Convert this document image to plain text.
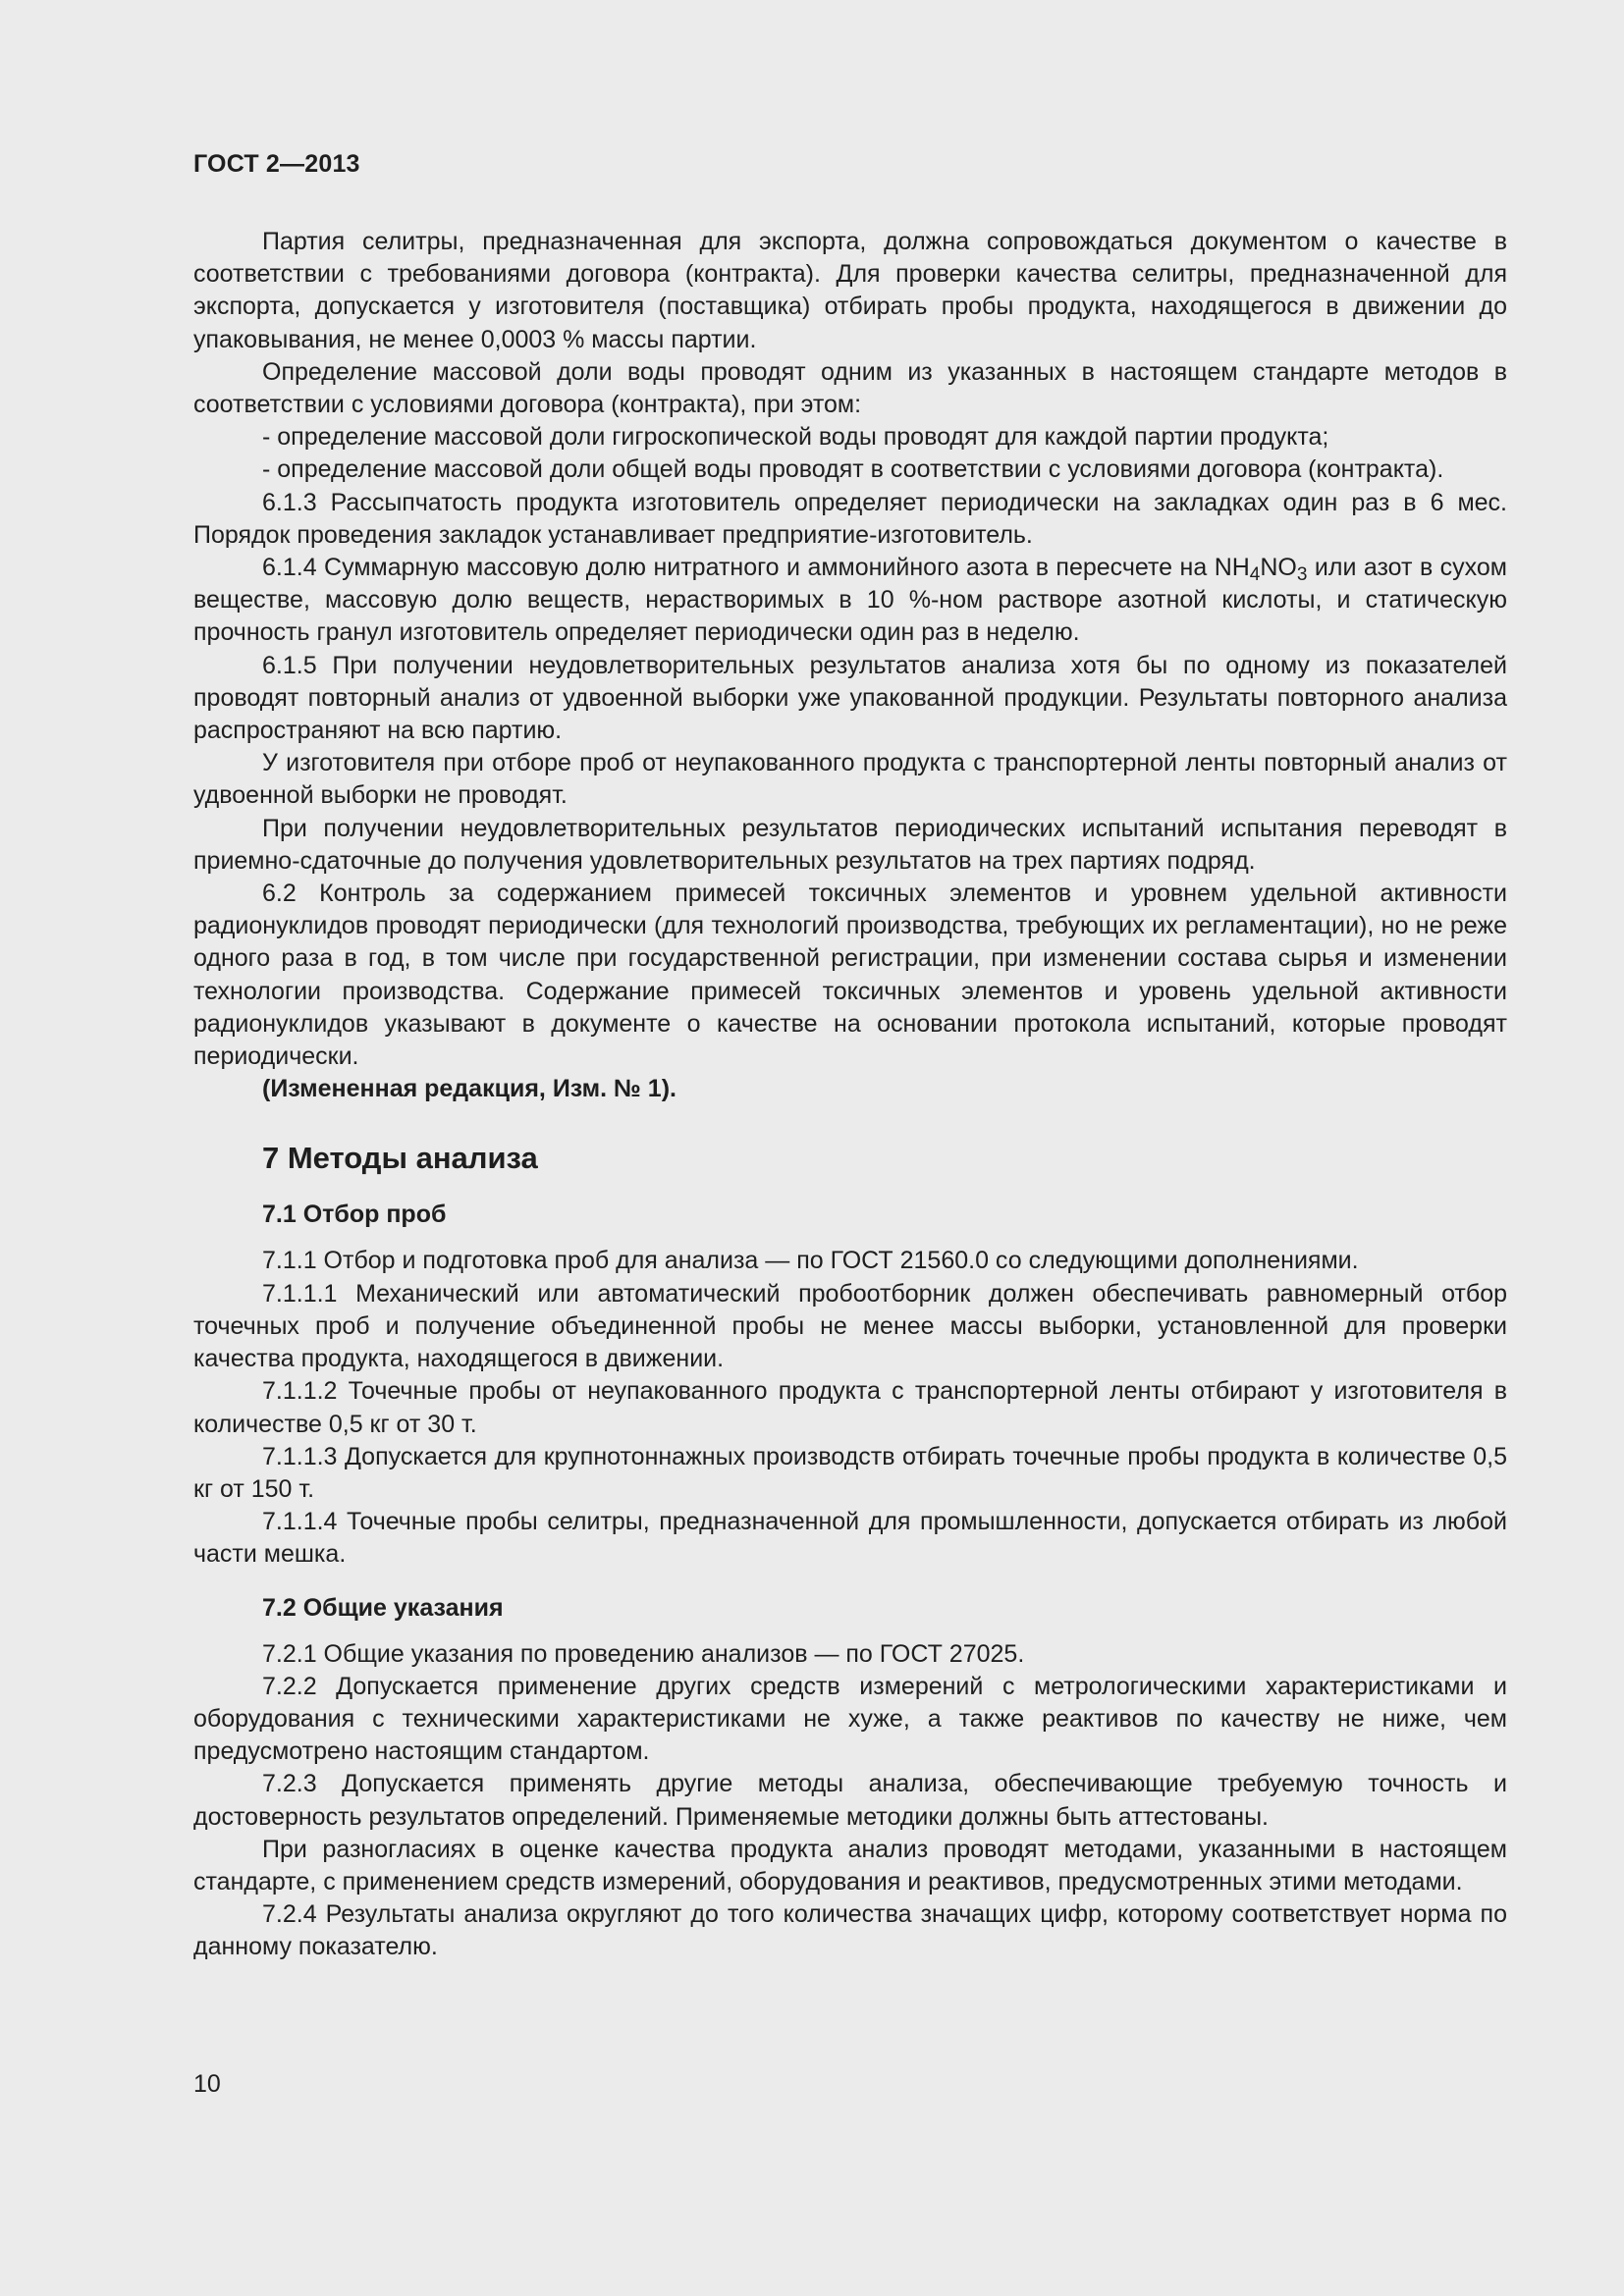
ГОСТ 2—2013

Партия селитры, предназначенная для экспорта, должна сопровождаться документом о качестве в соответствии с требованиями договора (контракта). Для проверки качества селитры, предназначенной для экспорта, допускается у изготовителя (поставщика) отбирать пробы продукта, находящегося в движении до упаковывания, не менее 0,0003 % массы партии.

Определение массовой доли воды проводят одним из указанных в настоящем стандарте методов в соответствии с условиями договора (контракта), при этом:

- определение массовой доли гигроскопической воды проводят для каждой партии продукта;

- определение массовой доли общей воды проводят в соответствии с условиями договора (контракта).

6.1.3 Рассыпчатость продукта изготовитель определяет периодически на закладках один раз в 6 мес. Порядок проведения закладок устанавливает предприятие-изготовитель.

6.1.4 Суммарную массовую долю нитратного и аммонийного азота в пересчете на $NH_4NO_3$ или азот в сухом веществе, массовую долю веществ, нерастворимых в 10 %-ном растворе азотной кислоты, и статическую прочность гранул изготовитель определяет периодически один раз в неделю.

6.1.5 При получении неудовлетворительных результатов анализа хотя бы по одному из показателей проводят повторный анализ от удвоенной выборки уже упакованной продукции. Результаты повторного анализа распространяют на всю партию.

У изготовителя при отборе проб от неупакованного продукта с транспортерной ленты повторный анализ от удвоенной выборки не проводят.

При получении неудовлетворительных результатов периодических испытаний испытания переводят в приемно-сдаточные до получения удовлетворительных результатов на трех партиях подряд.

6.2 Контроль за содержанием примесей токсичных элементов и уровнем удельной активности радионуклидов проводят периодически (для технологий производства, требующих их регламентации), но не реже одного раза в год, в том числе при государственной регистрации, при изменении состава сырья и изменении технологии производства. Содержание примесей токсичных элементов и уровень удельной активности радионуклидов указывают в документе о качестве на основании протокола испытаний, которые проводят периодически.

(Измененная редакция, Изм. № 1).

7 Методы анализа
7.1 Отбор проб

7.1.1 Отбор и подготовка проб для анализа — по ГОСТ 21560.0 со следующими дополнениями.

7.1.1.1 Механический или автоматический пробоотборник должен обеспечивать равномерный отбор точечных проб и получение объединенной пробы не менее массы выборки, установленной для проверки качества продукта, находящегося в движении.

7.1.1.2 Точечные пробы от неупакованного продукта с транспортерной ленты отбирают у изготовителя в количестве 0,5 кг от 30 т.

7.1.1.3 Допускается для крупнотоннажных производств отбирать точечные пробы продукта в количестве 0,5 кг от 150 т.

7.1.1.4 Точечные пробы селитры, предназначенной для промышленности, допускается отбирать из любой части мешка.

7.2 Общие указания

7.2.1 Общие указания по проведению анализов — по ГОСТ 27025.

7.2.2 Допускается применение других средств измерений с метрологическими характеристиками и оборудования с техническими характеристиками не хуже, а также реактивов по качеству не ниже, чем предусмотрено настоящим стандартом.

7.2.3 Допускается применять другие методы анализа, обеспечивающие требуемую точность и достоверность результатов определений. Применяемые методики должны быть аттестованы.

При разногласиях в оценке качества продукта анализ проводят методами, указанными в настоящем стандарте, с применением средств измерений, оборудования и реактивов, предусмотренных этими методами.

7.2.4 Результаты анализа округляют до того количества значащих цифр, которому соответствует норма по данному показателю.

10
